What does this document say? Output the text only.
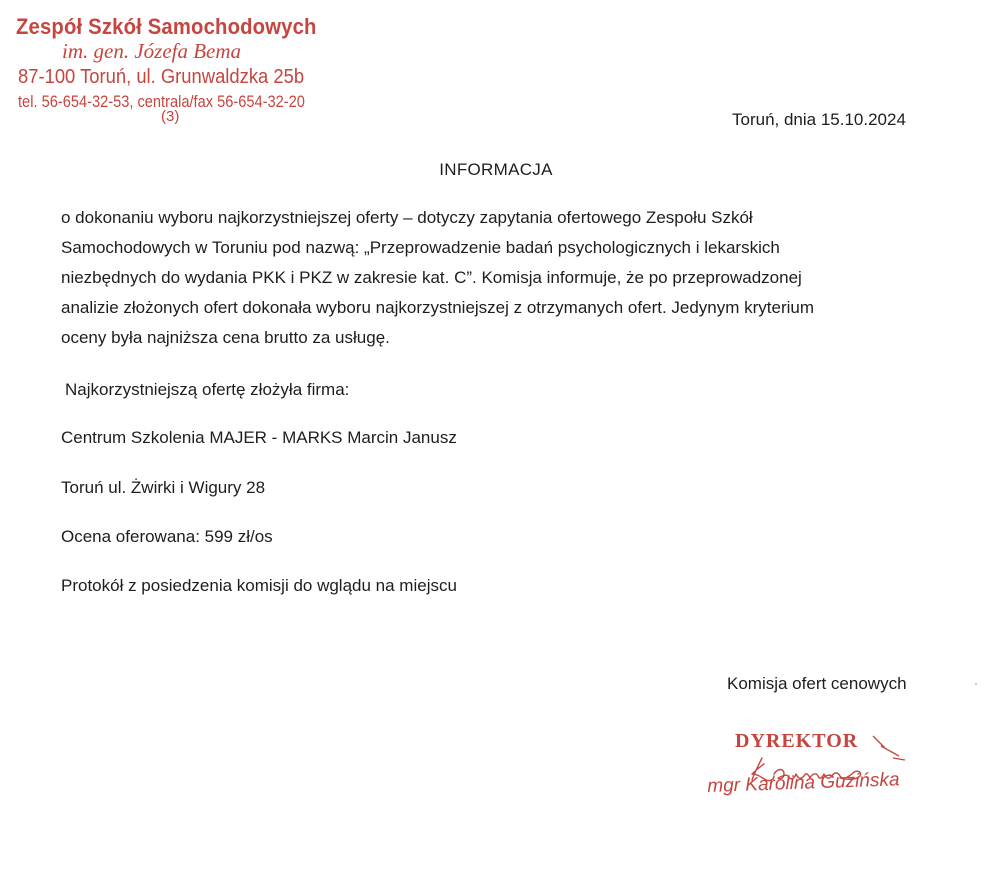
Zespół Szkół Samochodowych
im. gen. Józefa Bema
87-100 Toruń, ul. Grunwaldzka 25b
tel. 56-654-32-53, centrala/fax 56-654-32-20
(3)	Toruń, dnia 15.10.2024
INFORMACJA
o dokonaniu wyboru najkorzystniejszej oferty – dotyczy zapytania ofertowego Zespołu Szkół
Samochodowych w Toruniu pod nazwą: „Przeprowadzenie badań psychologicznych i lekarskich
niezbędnych do wydania PKK i PKZ w zakresie kat. C”. Komisja informuje, że po przeprowadzonej
analizie złożonych ofert dokonała wyboru najkorzystniejszej z otrzymanych ofert. Jedynym kryterium
oceny była najniższa cena brutto za usługę.
Najkorzystniejszą ofertę złożyła firma:
Centrum Szkolenia MAJER - MARKS Marcin Janusz
Toruń ul. Żwirki i Wigury 28
Ocena oferowana: 599 zł/os
Protokół z posiedzenia komisji do wglądu na miejscu
Komisja ofert cenowych
DYREKTOR
mgr Karolina Guzińska
